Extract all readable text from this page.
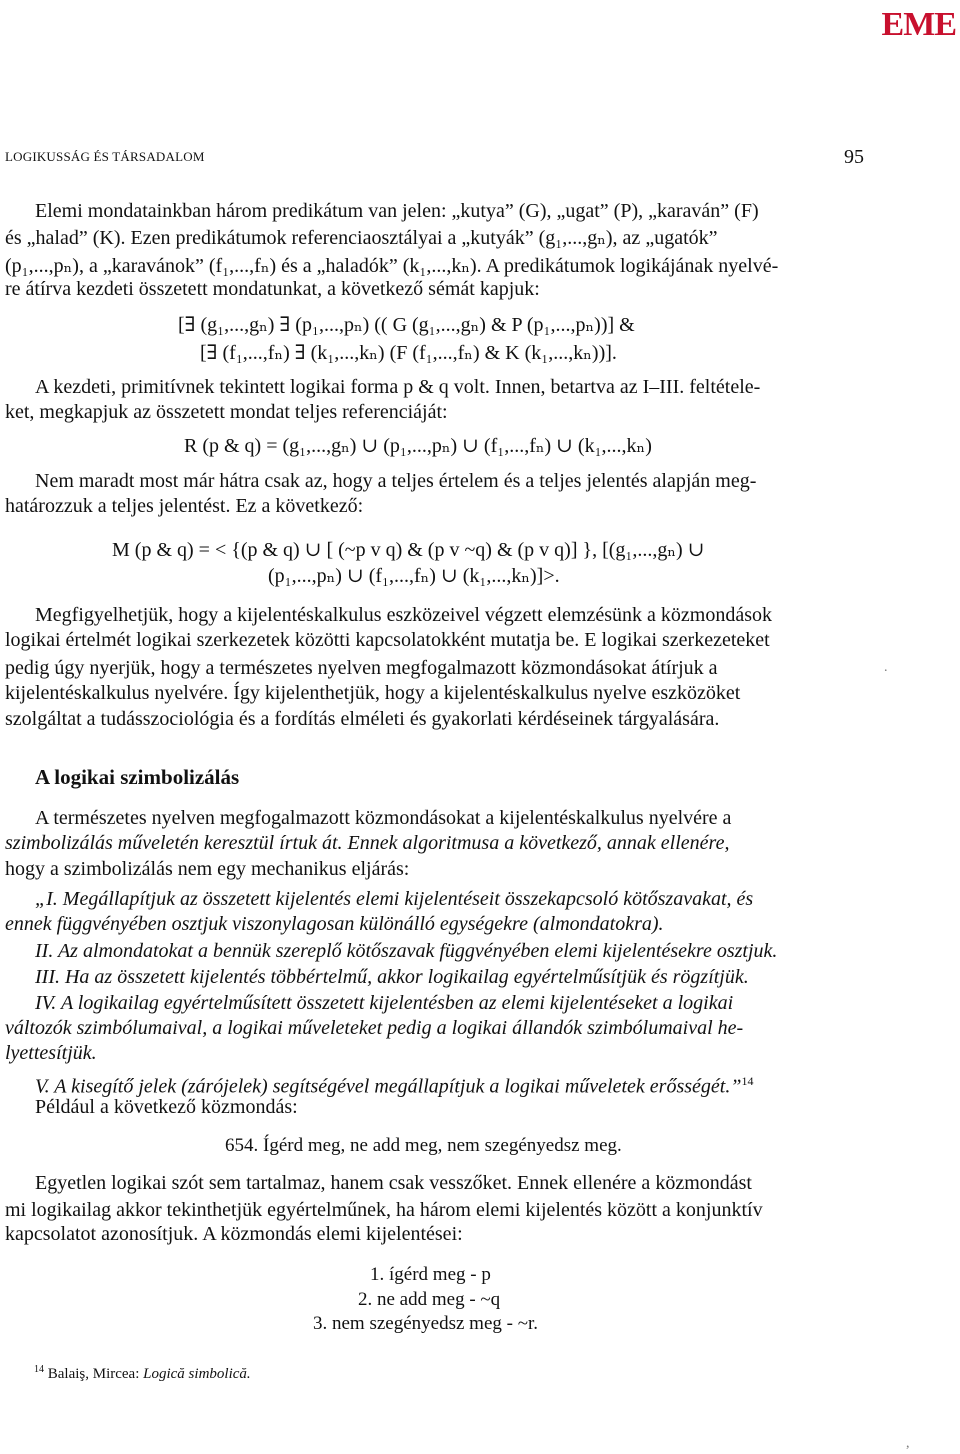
EME
LOGIKUSSÁG ÉS TÁRSADALOM	95
Elemi mondatainkban három predikátum van jelen: „kutya” (G), „ugat” (P), „karaván” (F)
és „halad” (K). Ezen predikátumok referenciaosztályai a „kutyák” (g₁,...,gₙ), az „ugatók”
(p₁,...,pₙ), a „karavánok” (f₁,...,fₙ) és a „haladók” (k₁,...,kₙ). A predikátumok logikájának nyelvé-
re átírva kezdeti összetett mondatunkat, a következő sémát kapjuk:
[∃ (g₁,...,gₙ) ∃ (p₁,...,pₙ) (( G (g₁,...,gₙ) & P (p₁,...,pₙ))] &
[∃ (f₁,...,fₙ) ∃ (k₁,...,kₙ) (F (f₁,...,fₙ) & K (k₁,...,kₙ))].
A kezdeti, primitívnek tekintett logikai forma p & q volt. Innen, betartva az I–III. feltétele-
ket, megkapjuk az összetett mondat teljes referenciáját:
R (p & q) = (g₁,...,gₙ) ∪ (p₁,...,pₙ) ∪ (f₁,...,fₙ) ∪ (k₁,...,kₙ)
Nem maradt most már hátra csak az, hogy a teljes értelem és a teljes jelentés alapján meg-
határozzuk a teljes jelentést. Ez a következő:
M (p & q) = < {(p & q) ∪ [ (~p v q) & (p v ~q) & (p v q)] }, [(g₁,...,gₙ) ∪
(p₁,...,pₙ) ∪ (f₁,...,fₙ) ∪ (k₁,...,kₙ)]>.
Megfigyelhetjük, hogy a kijelentéskalkulus eszközeivel végzett elemzésünk a közmondások
logikai értelmét logikai szerkezetek közötti kapcsolatokként mutatja be. E logikai szerkezeteket
pedig úgy nyerjük, hogy a természetes nyelven megfogalmazott közmondásokat átírjuk a
kijelentéskalkulus nyelvére. Így kijelenthetjük, hogy a kijelentéskalkulus nyelve eszközöket
szolgáltat a tudásszociológia és a fordítás elméleti és gyakorlati kérdéseinek tárgyalására.
.
A logikai szimbolizálás
A természetes nyelven megfogalmazott közmondásokat a kijelentéskalkulus nyelvére a
szimbolizálás műveletén keresztül írtuk át. Ennek algoritmusa a következő, annak ellenére,
hogy a szimbolizálás nem egy mechanikus eljárás:
„I. Megállapítjuk az összetett kijelentés elemi kijelentéseit összekapcsoló kötőszavakat, és
ennek függvényében osztjuk viszonylagosan különálló egységekre (almondatokra).
II. Az almondatokat a bennük szereplő kötőszavak függvényében elemi kijelentésekre osztjuk.
III. Ha az összetett kijelentés többértelmű, akkor logikailag egyértelműsítjük és rögzítjük.
IV. A logikailag egyértelműsített összetett kijelentésben az elemi kijelentéseket a logikai
változók szimbólumaival, a logikai műveleteket pedig a logikai állandók szimbólumaival he-
lyettesítjük.
V. A kisegítő jelek (zárójelek) segítségével megállapítjuk a logikai műveletek erősségét.”$^{14}$
Például a következő közmondás:
654. Ígérd meg, ne add meg, nem szegényedsz meg.
Egyetlen logikai szót sem tartalmaz, hanem csak vesszőket. Ennek ellenére a közmondást
mi logikailag akkor tekinthetjük egyértelműnek, ha három elemi kijelentés között a konjunktív
kapcsolatot azonosítjuk. A közmondás elemi kijelentései:
1. ígérd meg - p
2. ne add meg - ~q
3. nem szegényedsz meg - ~r.
$^{14}$ Balaiş, Mircea: Logică simbolică.
,
